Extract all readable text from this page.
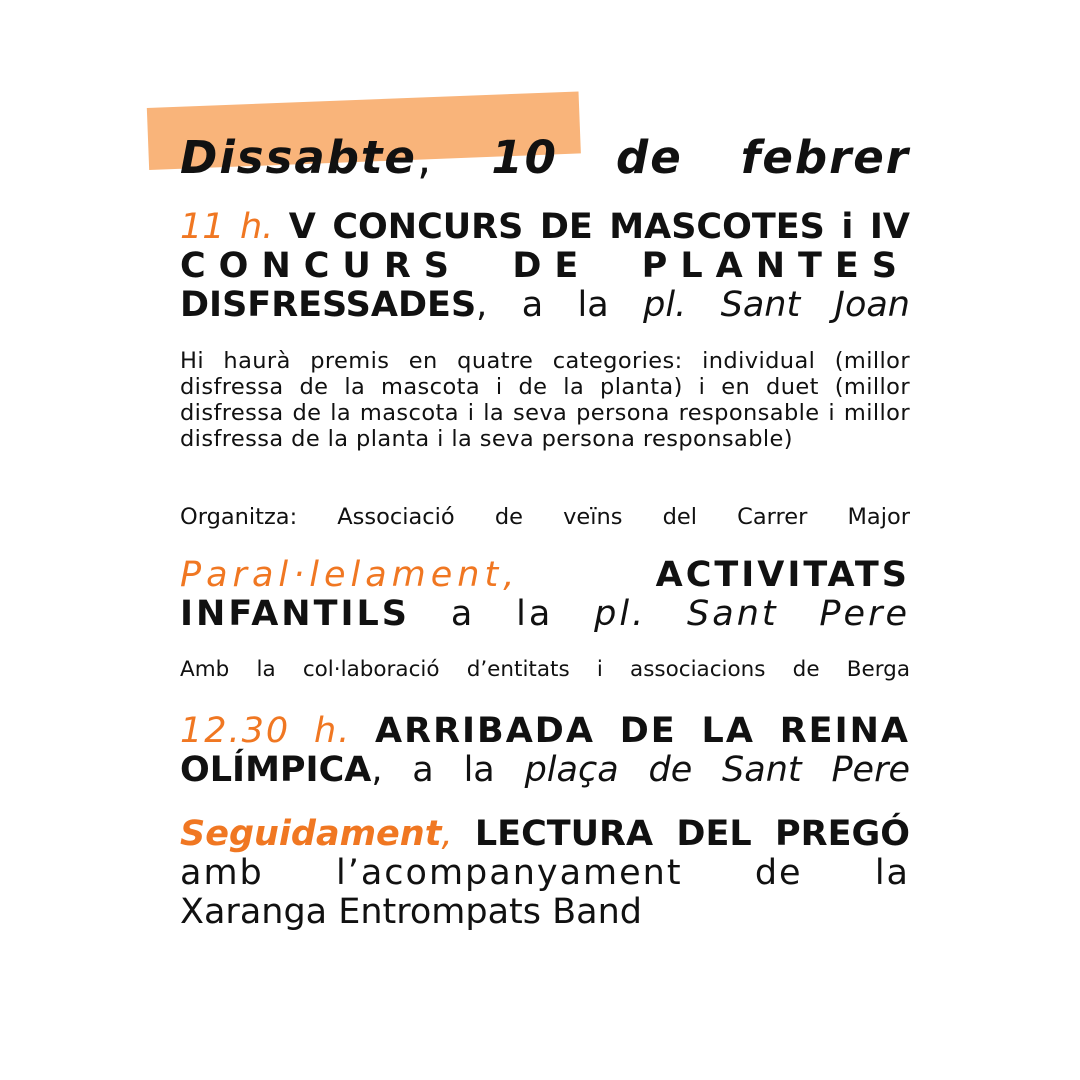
Dissabte, 10 de febrer
11 h. V CONCURS DE MASCOTES i IV
CONCURS DE PLANTES
DISFRESSADES, a la pl. Sant Joan

Hi haurà premis en quatre categories: individual (millor disfressa de la mascota i de la planta) i en duet (millor disfressa de la mascota i la seva persona responsable i millor disfressa de la planta i la seva persona responsable)

Organitza: Associació de veïns del Carrer Major
Paral·lelament,	ACTIVITATS
INFANTILS a la pl. Sant Pere
Amb la col·laboració d’entitats i associacions de Berga
12.30 h. ARRIBADA DE LA REINA
OLÍMPICA, a la plaça de Sant Pere
Seguidament, LECTURA DEL PREGÓ
amb l’acompanyament de la
Xaranga Entrompats Band
